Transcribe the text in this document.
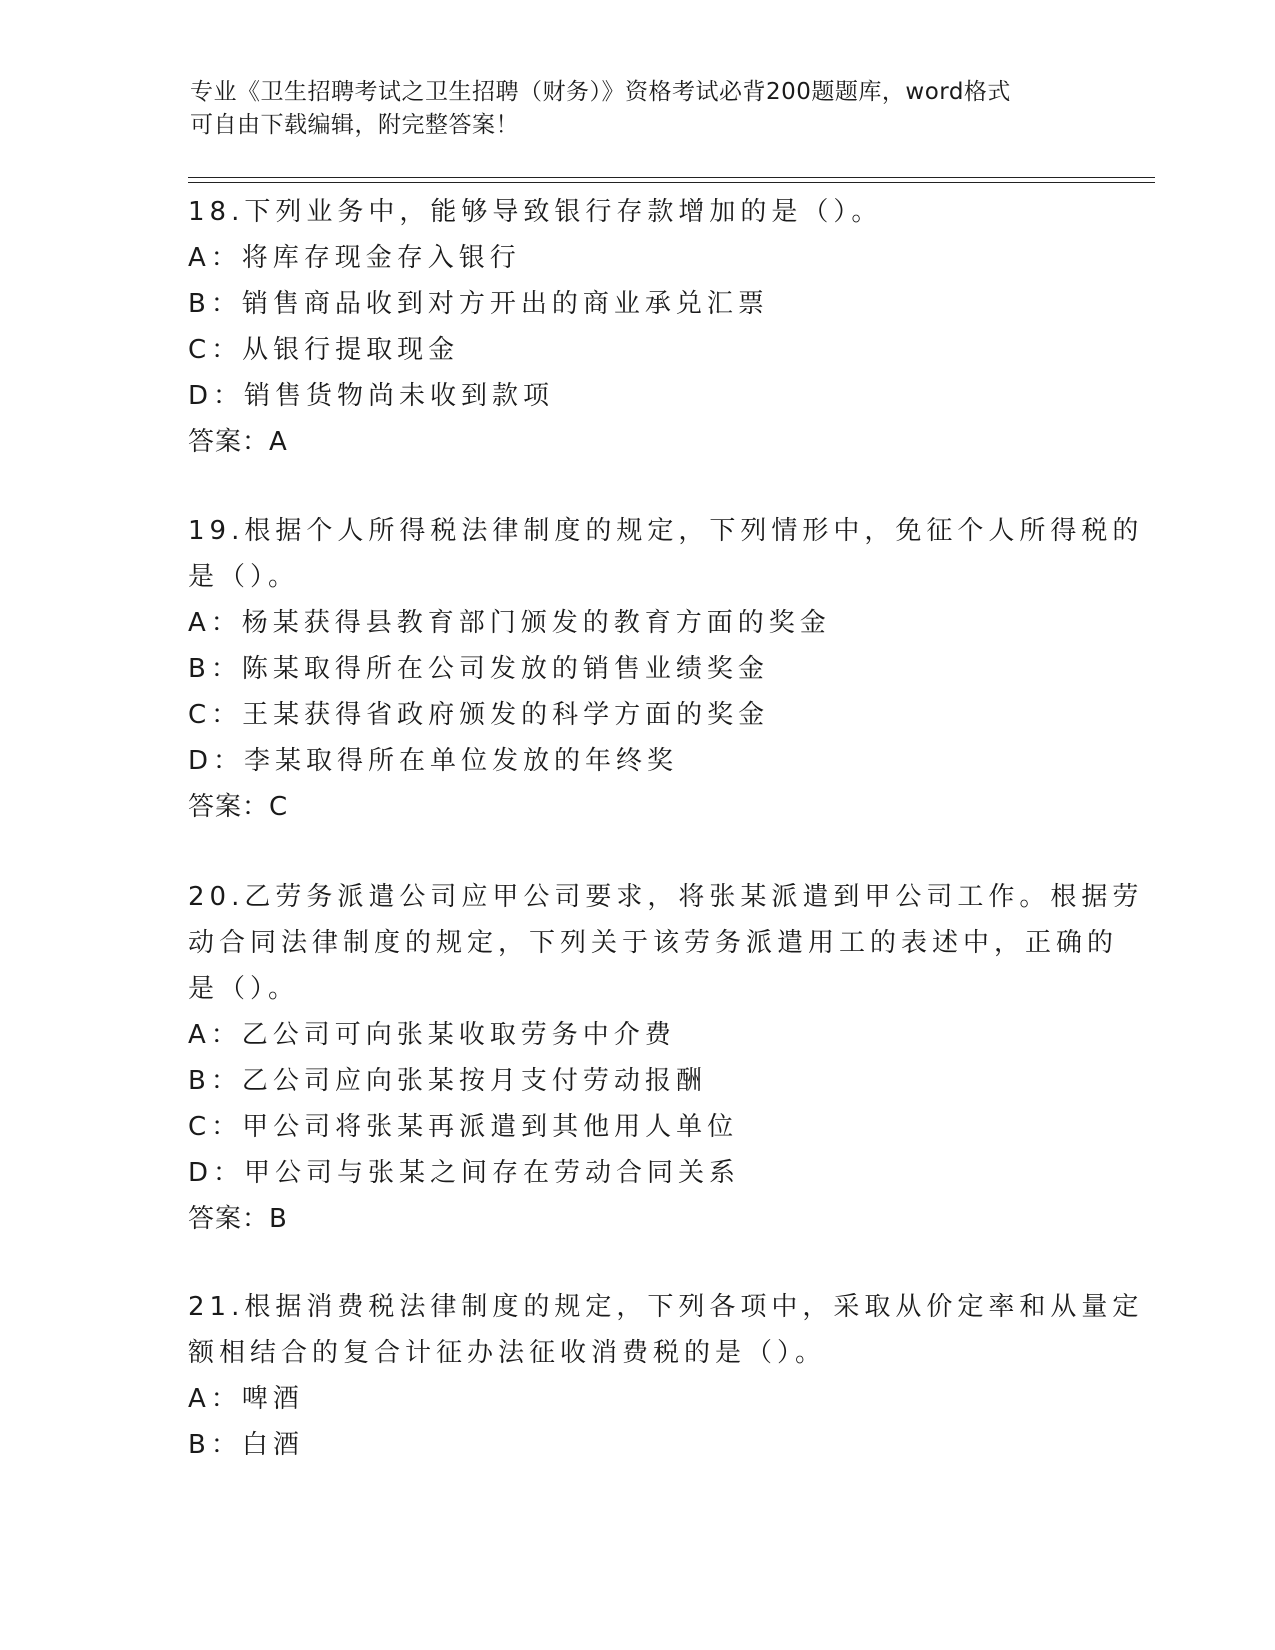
专业《卫生招聘考试之卫生招聘（财务）》资格考试必背200题题库，word格式
可自由下载编辑，附完整答案！
18.下列业务中，能够导致银行存款增加的是（）。
A：将库存现金存入银行
B：销售商品收到对方开出的商业承兑汇票
C：从银行提取现金
D：销售货物尚未收到款项
答案：A
19.根据个人所得税法律制度的规定，下列情形中，免征个人所得税的
是（）。
A：杨某获得县教育部门颁发的教育方面的奖金
B：陈某取得所在公司发放的销售业绩奖金
C：王某获得省政府颁发的科学方面的奖金
D：李某取得所在单位发放的年终奖
答案：C
20.乙劳务派遣公司应甲公司要求，将张某派遣到甲公司工作。根据劳
动合同法律制度的规定，下列关于该劳务派遣用工的表述中，正确的
是（）。
A：乙公司可向张某收取劳务中介费
B：乙公司应向张某按月支付劳动报酬
C：甲公司将张某再派遣到其他用人单位
D：甲公司与张某之间存在劳动合同关系
答案：B
21.根据消费税法律制度的规定，下列各项中，采取从价定率和从量定
额相结合的复合计征办法征收消费税的是（）。
A：啤酒
B：白酒
